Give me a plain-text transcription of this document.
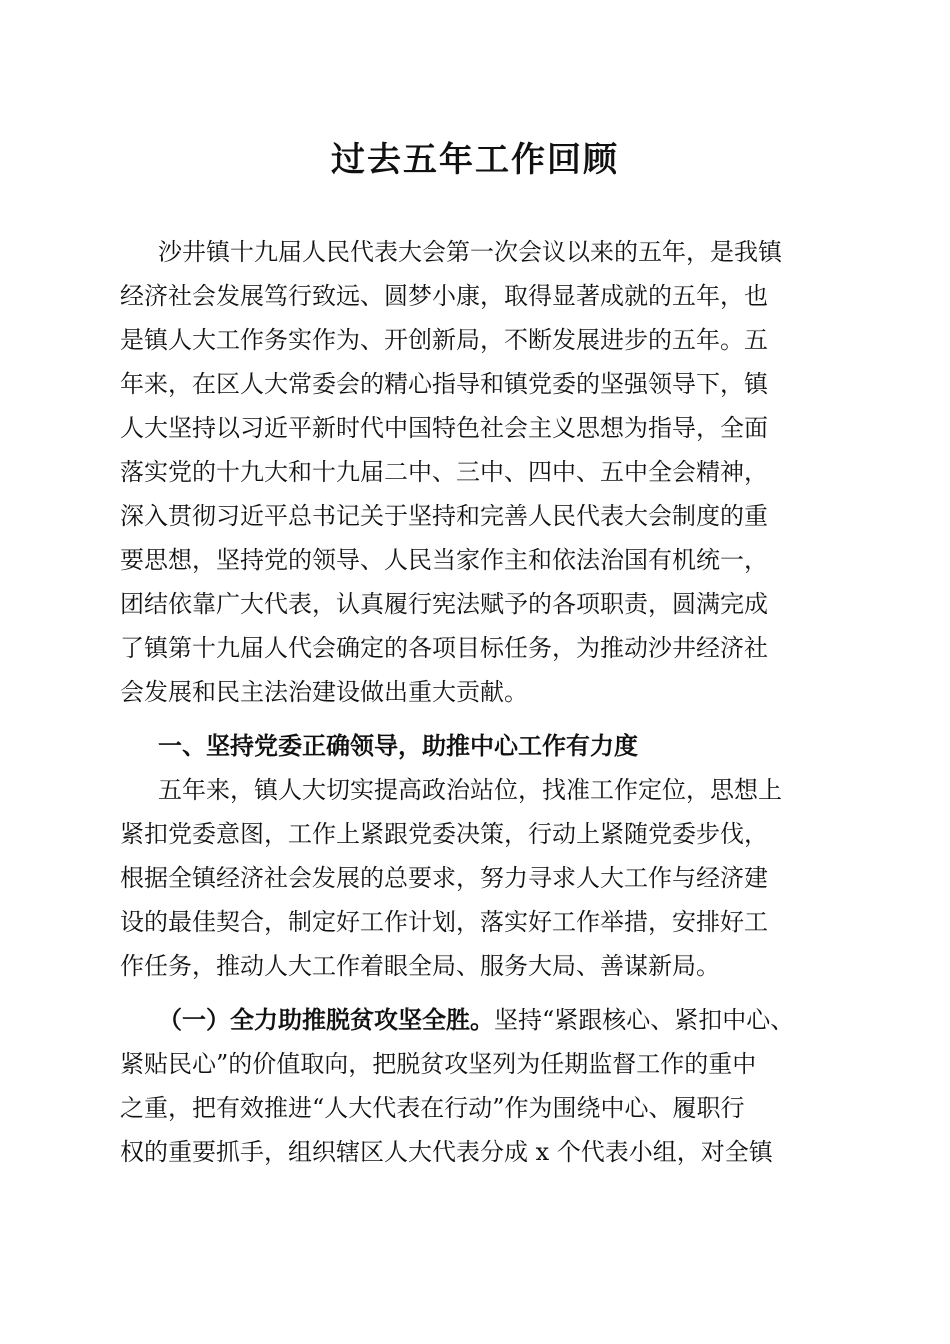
过去五年工作回顾
沙井镇十九届人民代表大会第一次会议以来的五年，是我镇
经济社会发展笃行致远、圆梦小康，取得显著成就的五年，也
是镇人大工作务实作为、开创新局，不断发展进步的五年。五
年来，在区人大常委会的精心指导和镇党委的坚强领导下，镇
人大坚持以习近平新时代中国特色社会主义思想为指导，全面
落实党的十九大和十九届二中、三中、四中、五中全会精神，
深入贯彻习近平总书记关于坚持和完善人民代表大会制度的重
要思想，坚持党的领导、人民当家作主和依法治国有机统一，
团结依靠广大代表，认真履行宪法赋予的各项职责，圆满完成
了镇第十九届人代会确定的各项目标任务，为推动沙井经济社
会发展和民主法治建设做出重大贡献。
一、坚持党委正确领导，助推中心工作有力度
五年来，镇人大切实提高政治站位，找准工作定位，思想上
紧扣党委意图，工作上紧跟党委决策，行动上紧随党委步伐，
根据全镇经济社会发展的总要求，努力寻求人大工作与经济建
设的最佳契合，制定好工作计划，落实好工作举措，安排好工
作任务，推动人大工作着眼全局、服务大局、善谋新局。
（一）全力助推脱贫攻坚全胜。坚持“紧跟核心、紧扣中心、
紧贴民心”的价值取向，把脱贫攻坚列为任期监督工作的重中
之重，把有效推进“人大代表在行动”作为围绕中心、履职行
权的重要抓手，组织辖区人大代表分成 x 个代表小组，对全镇
